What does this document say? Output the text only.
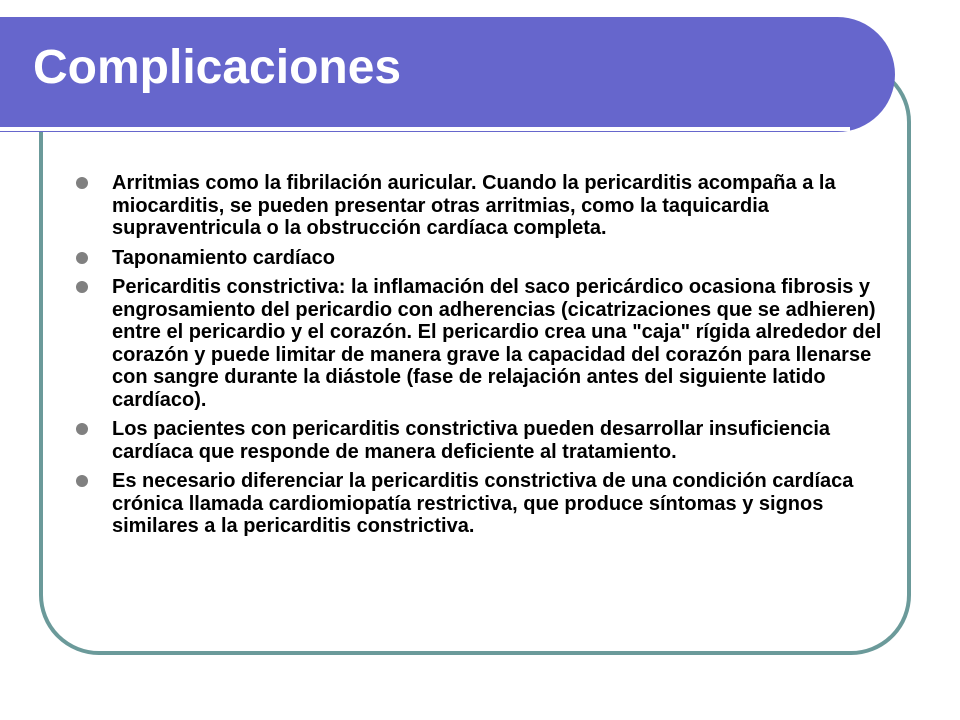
Complicaciones
Arritmias como la fibrilación auricular. Cuando la pericarditis acompaña a la miocarditis, se pueden presentar otras arritmias, como la taquicardia supraventricula o la obstrucción cardíaca completa.
Taponamiento cardíaco
Pericarditis constrictiva: la inflamación del saco pericárdico ocasiona fibrosis y engrosamiento del pericardio con adherencias (cicatrizaciones que se adhieren) entre el pericardio y el corazón. El pericardio crea una "caja" rígida alrededor del corazón y puede limitar de manera grave la capacidad del corazón para llenarse con sangre durante la diástole (fase de relajación antes del siguiente latido cardíaco).
Los pacientes con pericarditis constrictiva pueden desarrollar insuficiencia cardíaca que responde de manera deficiente al tratamiento.
Es necesario diferenciar la pericarditis constrictiva de una condición cardíaca crónica llamada cardiomiopatía restrictiva, que produce síntomas y signos similares a la pericarditis constrictiva.
